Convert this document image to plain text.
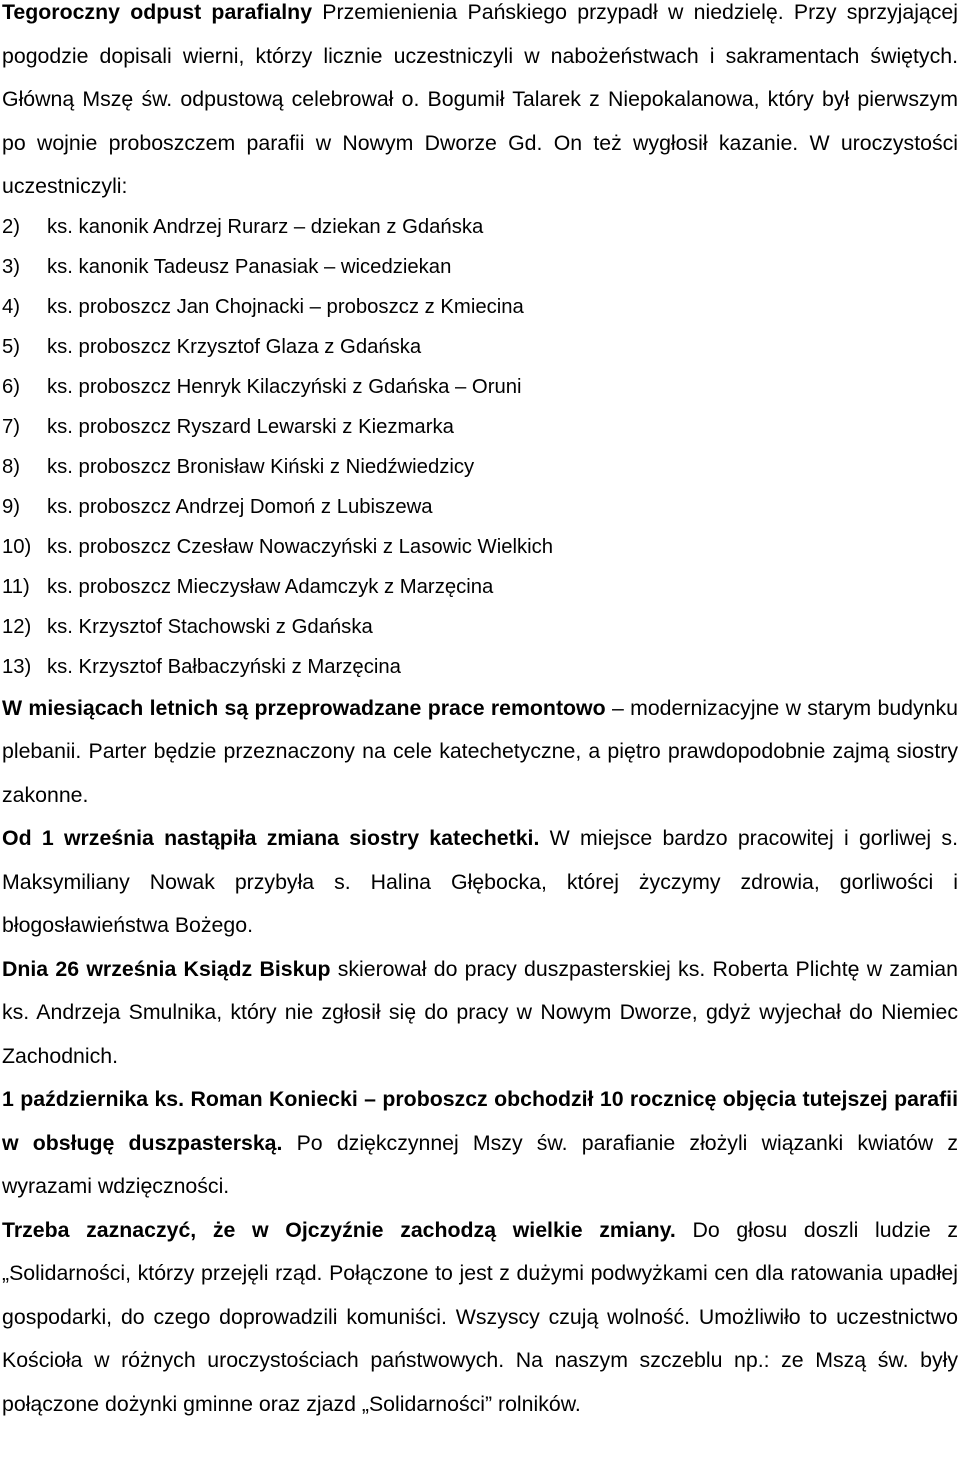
Tegoroczny odpust parafialny Przemienienia Pańskiego przypadł w niedzielę. Przy sprzyjającej pogodzie dopisali wierni, którzy licznie uczestniczyli w nabożeństwach i sakramentach świętych. Główną Mszę św. odpustową celebrował o. Bogumił Talarek z Niepokalanowa, który był pierwszym po wojnie proboszczem parafii w Nowym Dworze Gd. On też wygłosił kazanie. W uroczystości uczestniczyli:

2)	ks. kanonik Andrzej Rurarz – dziekan z Gdańska
3)	ks. kanonik Tadeusz Panasiak – wicedziekan
4)	ks. proboszcz Jan Chojnacki – proboszcz z Kmiecina
5)	ks. proboszcz Krzysztof Glaza z Gdańska
6)	ks. proboszcz Henryk Kilaczyński z Gdańska – Oruni
7)	ks. proboszcz Ryszard Lewarski z Kiezmarka
8)	ks. proboszcz Bronisław Kiński z Niedźwiedzicy
9)	ks. proboszcz Andrzej Domoń z Lubiszewa
10) ks. proboszcz Czesław Nowaczyński z Lasowic Wielkich
11) ks. proboszcz Mieczysław Adamczyk z Marzęcina
12) ks. Krzysztof Stachowski z Gdańska
13) ks. Krzysztof Bałbaczyński z Marzęcina

W miesiącach letnich są przeprowadzane prace remontowo – modernizacyjne w starym budynku plebanii. Parter będzie przeznaczony na cele katechetyczne, a piętro prawdopodobnie zajmą siostry zakonne.

Od 1 września nastąpiła zmiana siostry katechetki. W miejsce bardzo pracowitej i gorliwej s. Maksymiliany Nowak przybyła s. Halina Głębocka, której życzymy zdrowia, gorliwości i błogosławieństwa Bożego.

Dnia 26 września Ksiądz Biskup skierował do pracy duszpasterskiej ks. Roberta Plichtę w zamian ks. Andrzeja Smulnika, który nie zgłosił się do pracy w Nowym Dworze, gdyż wyjechał do Niemiec Zachodnich.

1 października ks. Roman Koniecki – proboszcz obchodził 10 rocznicę objęcia tutejszej parafii w obsługę duszpasterską. Po dziękczynnej Mszy św. parafianie złożyli wiązanki kwiatów z wyrazami wdzięczności.

Trzeba zaznaczyć, że w Ojczyźnie zachodzą wielkie zmiany. Do głosu doszli ludzie z „Solidarności, którzy przejęli rząd. Połączone to jest z dużymi podwyżkami cen dla ratowania upadłej gospodarki, do czego doprowadzili komuniści. Wszyscy czują wolność. Umożliwiło to uczestnictwo Kościoła w różnych uroczystościach państwowych. Na naszym szczeblu np.: ze Mszą św. były połączone dożynki gminne oraz zjazd „Solidarności” rolników.
